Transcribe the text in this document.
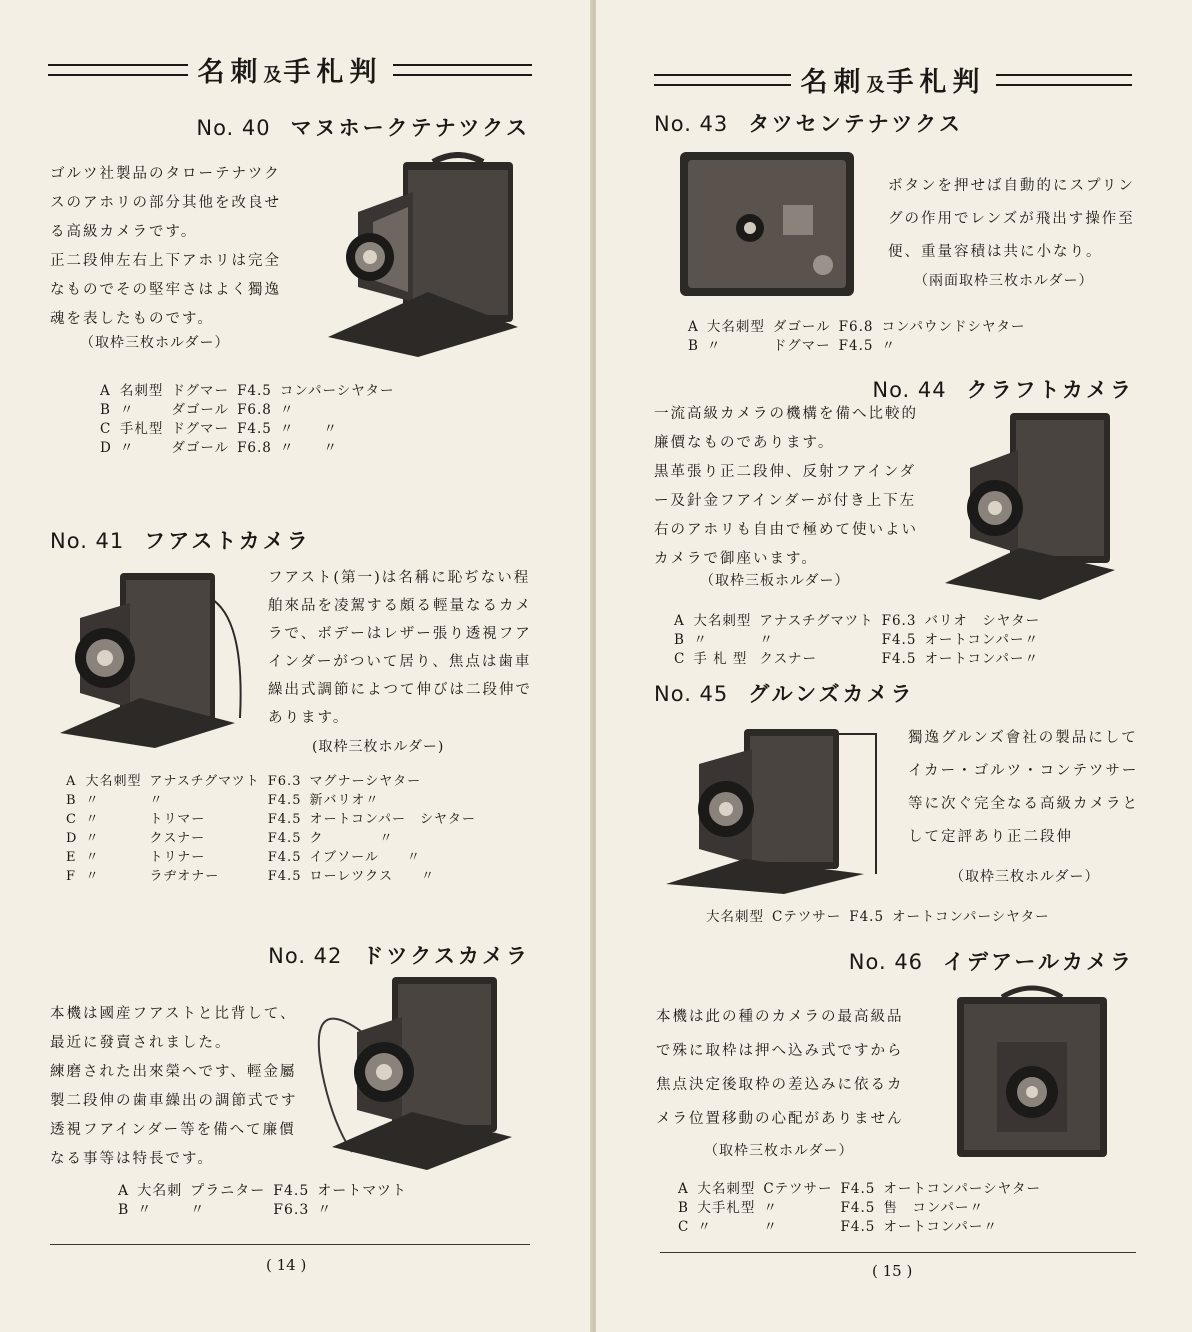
名刺及手札判
No. 40 マヌホークテナツクス
ゴルツ社製品のタローテナツク
スのアホリの部分其他を改良せ
る高級カメラです。
正二段伸左右上下アホリは完全
なものでその堅牢さはよく獨逸
魂を表したものです。
（取枠三枚ホルダー）
A	名刺型	ドグマー	F4.5	コンパーシヤター
B	〃	ダゴール	F6.8	〃
C	手札型	ドグマー	F4.5	〃　　〃
D	〃	ダゴール	F6.8	〃　　〃
No. 41 フアストカメラ
フアスト(第一)は名稱に恥ぢない程
舶來品を凌駕する頗る輕量なるカメ
ラで、ボデーはレザー張り透視フア
インダーがついて居り、焦点は歯車
繰出式調節によつて伸びは二段伸で
あります。
(取枠三枚ホルダー)
A	大名刺型	アナスチグマツト	F6.3	マグナーシヤター
B	〃	〃	F4.5	新バリオ〃
C	〃	トリマー	F4.5	オートコンパー　シヤター
D	〃	クスナー	F4.5	ク　　　　〃
E	〃	トリナー	F4.5	イブソール　　〃
F	〃	ラヂオナー	F4.5	ローレツクス　　〃
No. 42 ドツクスカメラ
本機は國産フアストと比背して、
最近に發賣されました。
練磨された出來榮へです、輕金屬
製二段伸の歯車繰出の調節式です
透視フアインダー等を備へて廉價
なる事等は特長です。
A	大名刺	プラニター	F4.5	オートマツト
B	〃	〃	F6.3	〃
( 14 )
名刺及手札判
No. 43 タツセンテナツクス
ボタンを押せば自動的にスプリン
グの作用でレンズが飛出す操作至
便、重量容積は共に小なり。
（兩面取枠三枚ホルダー）
A	大名刺型	ダゴール	F6.8	コンパウンドシヤター
B	〃	ドグマー	F4.5	〃
No. 44 クラフトカメラ
一流高級カメラの機構を備へ比較的
廉價なものであります。
黒革張り正二段伸、反射フアインダ
ー及針金フアインダーが付き上下左
右のアホリも自由で極めて使いよい
カメラで御座います。
（取枠三板ホルダー）
A	大名刺型	アナスチグマツト	F6.3	バリオ　シヤター
B	〃	〃	F4.5	オートコンパー〃
C	手 札 型	クスナー	F4.5	オートコンパー〃
No. 45 グルンズカメラ
獨逸グルンズ會社の製品にして
イカー・ゴルツ・コンテツサー
等に次ぐ完全なる高級カメラと
して定評あり正二段伸
（取枠三枚ホルダー）
大名刺型	Cテツサー	F4.5	オートコンパーシヤター
No. 46 イデアールカメラ
本機は此の種のカメラの最高級品
で殊に取枠は押へ込み式ですから
焦点決定後取枠の差込みに依るカ
メラ位置移動の心配がありません
（取枠三枚ホルダー）
A	大名刺型	Cテツサー	F4.5	オートコンパーシヤター
B	大手札型	〃	F4.5	售　コンパー〃
C	〃	〃	F4.5	オートコンパー〃
( 15 )
